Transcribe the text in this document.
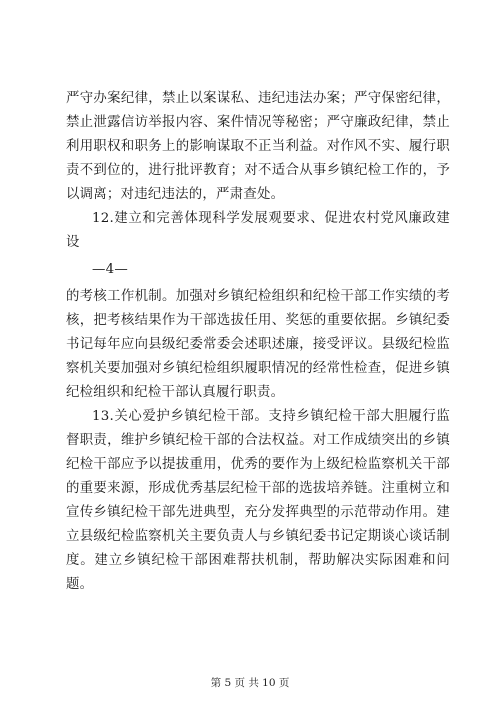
严守办案纪律，禁止以案谋私、违纪违法办案；严守保密纪律，禁止泄露信访举报内容、案件情况等秘密；严守廉政纪律，禁止利用职权和职务上的影响谋取不正当利益。对作风不实、履行职责不到位的，进行批评教育；对不适合从事乡镇纪检工作的，予以调离；对违纪违法的，严肃查处。

12.建立和完善体现科学发展观要求、促进农村党风廉政建设

—4—

的考核工作机制。加强对乡镇纪检组织和纪检干部工作实绩的考核，把考核结果作为干部选拔任用、奖惩的重要依据。乡镇纪委书记每年应向县级纪委常委会述职述廉，接受评议。县级纪检监察机关要加强对乡镇纪检组织履职情况的经常性检查，促进乡镇纪检组织和纪检干部认真履行职责。

13.关心爱护乡镇纪检干部。支持乡镇纪检干部大胆履行监督职责，维护乡镇纪检干部的合法权益。对工作成绩突出的乡镇纪检干部应予以提拔重用，优秀的要作为上级纪检监察机关干部的重要来源，形成优秀基层纪检干部的选拔培养链。注重树立和宣传乡镇纪检干部先进典型，充分发挥典型的示范带动作用。建立县级纪检监察机关主要负责人与乡镇纪委书记定期谈心谈话制度。建立乡镇纪检干部困难帮扶机制，帮助解决实际困难和问题。

第 5 页 共 10 页
